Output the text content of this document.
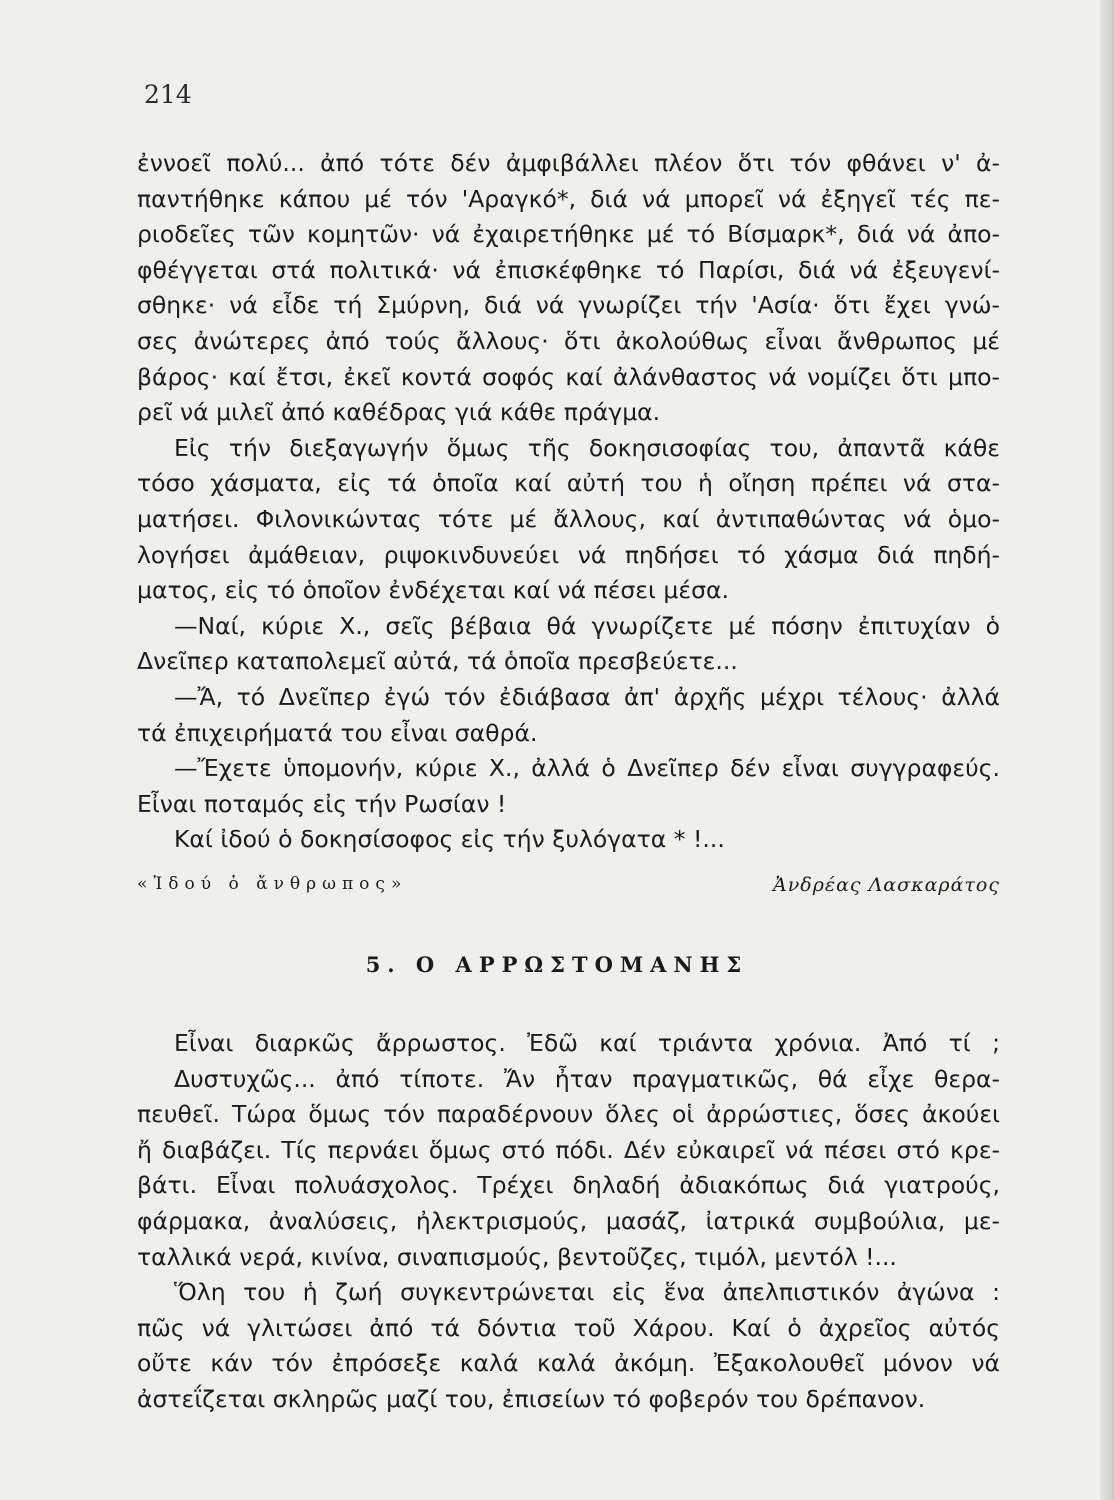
214
ἐννοεῖ πολύ... ἀπό τότε δέν ἀμφιβάλλει πλέον ὅτι τόν φθάνει ν' ἀ-
παντήθηκε κάπου μέ τόν 'Αραγκό*, διά νά μπορεῖ νά ἐξηγεῖ τές πε-
ριοδεῖες τῶν κομητῶν· νά ἐχαιρετήθηκε μέ τό Βίσμαρκ*, διά νά ἀπο-
φθέγγεται στά πολιτικά· νά ἐπισκέφθηκε τό Παρίσι, διά νά ἐξευγενί-
σθηκε· νά εἶδε τή Σμύρνη, διά νά γνωρίζει τήν 'Ασία· ὅτι ἔχει γνώ-
σες ἀνώτερες ἀπό τούς ἄλλους· ὅτι ἀκολούθως εἶναι ἄνθρωπος μέ
βάρος· καί ἔτσι, ἐκεῖ κοντά σοφός καί ἀλάνθαστος νά νομίζει ὅτι μπο-
ρεῖ νά μιλεῖ ἀπό καθέδρας γιά κάθε πράγμα.
Εἰς τήν διεξαγωγήν ὅμως τῆς δοκησισοφίας του, ἀπαντᾶ κάθε
τόσο χάσματα, εἰς τά ὁποῖα καί αὐτή του ἡ οἴηση πρέπει νά στα-
ματήσει. Φιλονικώντας τότε μέ ἄλλους, καί ἀντιπαθώντας νά ὁμο-
λογήσει ἀμάθειαν, ριψοκινδυνεύει νά πηδήσει τό χάσμα διά πηδή-
ματος, εἰς τό ὁποῖον ἐνδέχεται καί νά πέσει μέσα.
—Ναί, κύριε Χ., σεῖς βέβαια θά γνωρίζετε μέ πόσην ἐπιτυχίαν ὁ
Δνεῖπερ καταπολεμεῖ αὐτά, τά ὁποῖα πρεσβεύετε...
—Ἄ, τό Δνεῖπερ ἐγώ τόν ἐδιάβασα ἀπ' ἀρχῆς μέχρι τέλους· ἀλλά
τά ἐπιχειρήματά του εἶναι σαθρά.
—Ἔχετε ὑπομονήν, κύριε Χ., ἀλλά ὁ Δνεῖπερ δέν εἶναι συγγραφεύς.
Εἶναι ποταμός εἰς τήν Ρωσίαν !
Καί ἰδού ὁ δοκησίσοφος εἰς τήν ξυλόγατα * !...
«Ἰδού ὁ ἄνθρωπος»	Ἀνδρέας Λασκαράτος
5. Ο ΑΡΡΩΣΤΟΜΑΝΗΣ
Εἶναι διαρκῶς ἄρρωστος. Ἐδῶ καί τριάντα χρόνια. Ἀπό τί ;
Δυστυχῶς... ἀπό τίποτε. Ἄν ἦταν πραγματικῶς, θά εἶχε θερα-
πευθεῖ. Τώρα ὅμως τόν παραδέρνουν ὅλες οἱ ἀρρώστιες, ὅσες ἀκούει
ἤ διαβάζει. Τίς περνάει ὅμως στό πόδι. Δέν εὐκαιρεῖ νά πέσει στό κρε-
βάτι. Εἶναι πολυάσχολος. Τρέχει δηλαδή ἀδιακόπως διά γιατρούς,
φάρμακα, ἀναλύσεις, ἠλεκτρισμούς, μασάζ, ἰατρικά συμβούλια, με-
ταλλικά νερά, κινίνα, σιναπισμούς, βεντοῦζες, τιμόλ, μεντόλ !...
Ὅλη του ἡ ζωή συγκεντρώνεται εἰς ἕνα ἀπελπιστικόν ἀγώνα :
πῶς νά γλιτώσει ἀπό τά δόντια τοῦ Χάρου. Καί ὁ ἀχρεῖος αὐτός
οὔτε κάν τόν ἐπρόσεξε καλά καλά ἀκόμη. Ἐξακολουθεῖ μόνον νά
ἀστεΐζεται σκληρῶς μαζί του, ἐπισείων τό φοβερόν του δρέπανον.
